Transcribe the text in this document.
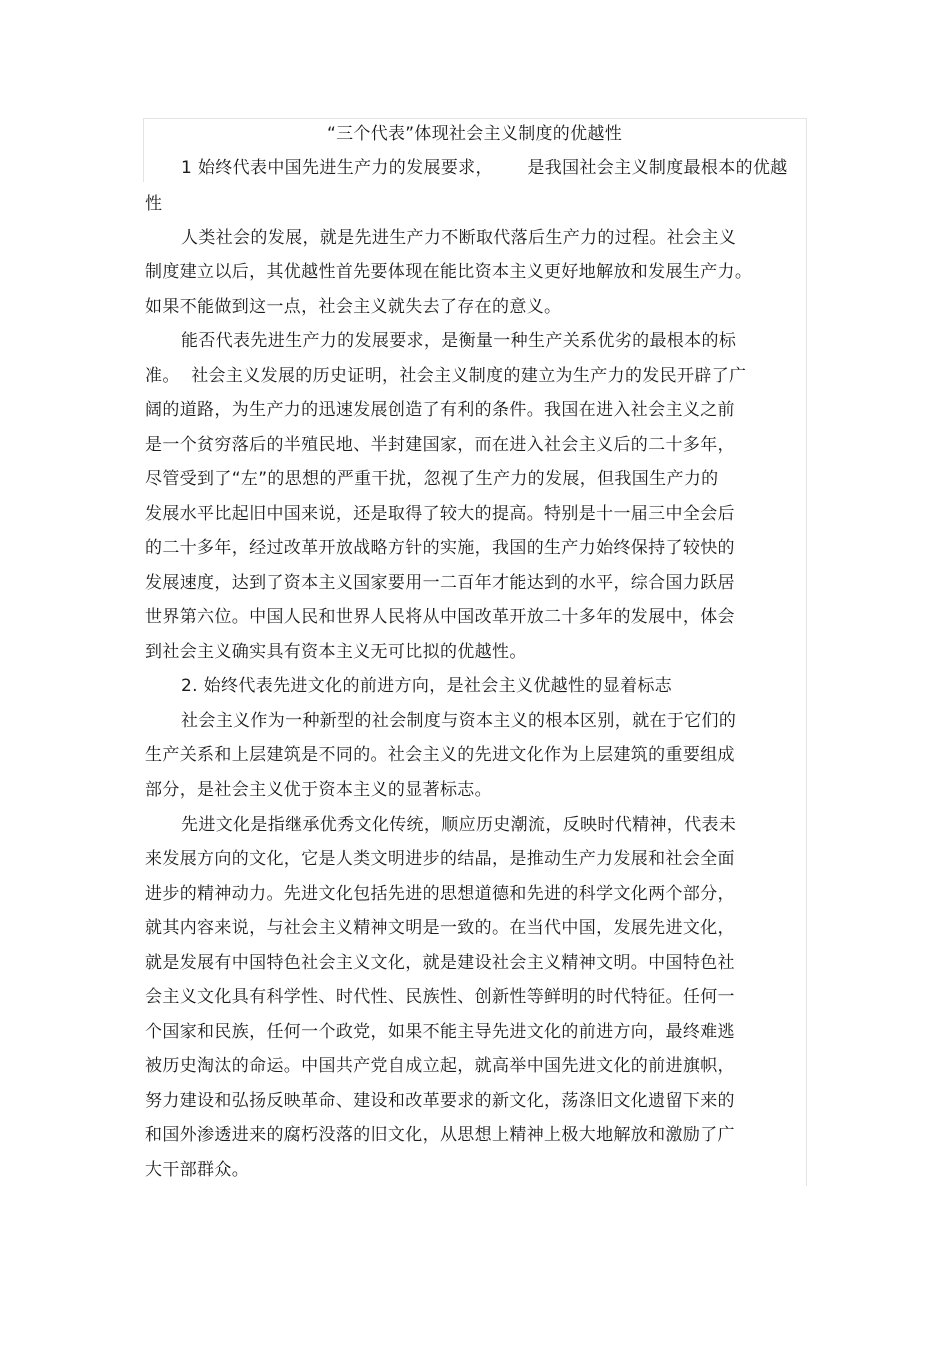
“三个代表”体现社会主义制度的优越性
1 始终代表中国先进生产力的发展要求，      是我国社会主义制度最根本的优越
性
人类社会的发展，就是先进生产力不断取代落后生产力的过程。社会主义
制度建立以后，其优越性首先要体现在能比资本主义更好地解放和发展生产力。
如果不能做到这一点，社会主义就失去了存在的意义。
能否代表先进生产力的发展要求，是衡量一种生产关系优劣的最根本的标
准。  社会主义发展的历史证明，社会主义制度的建立为生产力的发民开辟了广
阔的道路，为生产力的迅速发展创造了有利的条件。我国在进入社会主义之前
是一个贫穷落后的半殖民地、半封建国家，而在进入社会主义后的二十多年，
尽管受到了“左”的思想的严重干扰，忽视了生产力的发展，但我国生产力的
发展水平比起旧中国来说，还是取得了较大的提高。特别是十一届三中全会后
的二十多年，经过改革开放战略方针的实施，我国的生产力始终保持了较快的
发展速度，达到了资本主义国家要用一二百年才能达到的水平，综合国力跃居
世界第六位。中国人民和世界人民将从中国改革开放二十多年的发展中，体会
到社会主义确实具有资本主义无可比拟的优越性。
2. 始终代表先进文化的前进方向，是社会主义优越性的显着标志
社会主义作为一种新型的社会制度与资本主义的根本区别，就在于它们的
生产关系和上层建筑是不同的。社会主义的先进文化作为上层建筑的重要组成
部分，是社会主义优于资本主义的显著标志。
先进文化是指继承优秀文化传统，顺应历史潮流，反映时代精神，代表未
来发展方向的文化，它是人类文明进步的结晶，是推动生产力发展和社会全面
进步的精神动力。先进文化包括先进的思想道德和先进的科学文化两个部分，
就其内容来说，与社会主义精神文明是一致的。在当代中国，发展先进文化，
就是发展有中国特色社会主义文化，就是建设社会主义精神文明。中国特色社
会主义文化具有科学性、时代性、民族性、创新性等鲜明的时代特征。任何一
个国家和民族，任何一个政党，如果不能主导先进文化的前进方向，最终难逃
被历史淘汰的命运。中国共产党自成立起，就高举中国先进文化的前进旗帜，
努力建设和弘扬反映革命、建设和改革要求的新文化，荡涤旧文化遗留下来的
和国外渗透进来的腐朽没落的旧文化，从思想上精神上极大地解放和激励了广
大干部群众。
